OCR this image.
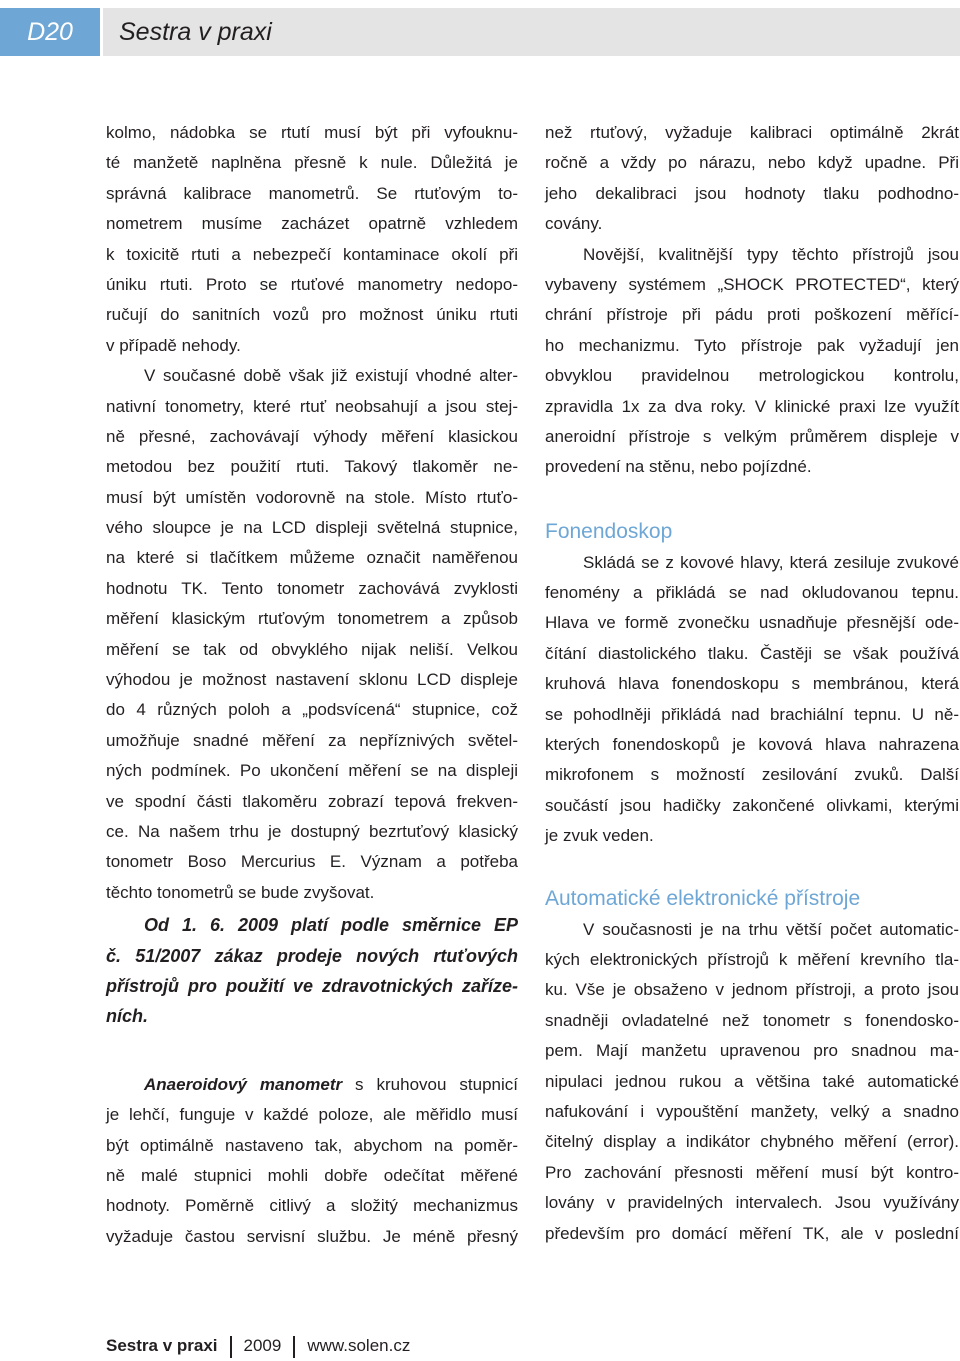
D20	Sestra v praxi
kolmo, nádobka se rtutí musí být při vyfouknu-
té manžetě naplněna přesně k nule. Důležitá je
správná kalibrace manometrů. Se rtuťovým to-
nometrem musíme zacházet opatrně vzhledem
k toxicitě rtuti a nebezpečí kontaminace okolí při
úniku rtuti. Proto se rtuťové manometry nedopo-
ručují do sanitních vozů pro možnost úniku rtuti
v případě nehody.
V současné době však již existují vhodné alter-
nativní tonometry, které rtuť neobsahují a jsou stej-
ně přesné, zachovávají výhody měření klasickou
metodou bez použití rtuti. Takový tlakoměr ne-
musí být umístěn vodorovně na stole. Místo rtuťo-
vého sloupce je na LCD displeji světelná stupnice,
na které si tlačítkem můžeme označit naměřenou
hodnotu TK. Tento tonometr zachovává zvyklosti
měření klasickým rtuťovým tonometrem a způsob
měření se tak od obvyklého nijak neliší. Velkou
výhodou je možnost nastavení sklonu LCD displeje
do 4 různých poloh a „podsvícená“ stupnice, což
umožňuje snadné měření za nepříznivých světel-
ných podmínek. Po ukončení měření se na displeji
ve spodní části tlakoměru zobrazí tepová frekven-
ce. Na našem trhu je dostupný bezrtuťový klasický
tonometr Boso Mercurius E. Význam a potřeba
těchto tonometrů se bude zvyšovat.
Od 1. 6. 2009 platí podle směrnice EP
č. 51/2007 zákaz prodeje nových rtuťových
přístrojů pro použití ve zdravotnických zaříze-
ních.
Anaeroidový manometr s kruhovou stupnicí
je lehčí, funguje v každé poloze, ale měřidlo musí
být optimálně nastaveno tak, abychom na poměr-
ně malé stupnici mohli dobře odečítat měřené
hodnoty. Poměrně citlivý a složitý mechanizmus
vyžaduje častou servisní službu. Je méně přesný
než rtuťový, vyžaduje kalibraci optimálně 2krát
ročně a vždy po nárazu, nebo když upadne. Při
jeho dekalibraci jsou hodnoty tlaku podhodno-
covány.
Novější, kvalitnější typy těchto přístrojů jsou
vybaveny systémem „SHOCK PROTECTED“, který
chrání přístroje při pádu proti poškození měřící-
ho mechanizmu. Tyto přístroje pak vyžadují jen
obvyklou pravidelnou metrologickou kontrolu,
zpravidla 1x za dva roky. V klinické praxi lze využít
aneroidní přístroje s velkým průměrem displeje v
provedení na stěnu, nebo pojízdné.
Fonendoskop
Skládá se z kovové hlavy, která zesiluje zvukové
fenomény a přikládá se nad okludovanou tepnu.
Hlava ve formě zvonečku usnadňuje přesnější ode-
čítání diastolického tlaku. Častěji se však používá
kruhová hlava fonendoskopu s membránou, která
se pohodlněji přikládá nad brachiální tepnu. U ně-
kterých fonendoskopů je kovová hlava nahrazena
mikrofonem s možností zesilování zvuků. Další
součástí jsou hadičky zakončené olivkami, kterými
je zvuk veden.
Automatické elektronické přístroje
V současnosti je na trhu větší počet automatic-
kých elektronických přístrojů k měření krevního tla-
ku. Vše je obsaženo v jednom přístroji, a proto jsou
snadněji ovladatelné než tonometr s fonendosko-
pem. Mají manžetu upravenou pro snadnou ma-
nipulaci jednou rukou a většina také automatické
nafukování i vypouštění manžety, velký a snadno
čitelný display a indikátor chybného měření (error).
Pro zachování přesnosti měření musí být kontro-
lovány v pravidelných intervalech. Jsou využívány
především pro domácí měření TK, ale v poslední
Sestra v praxi 2009 www.solen.cz
